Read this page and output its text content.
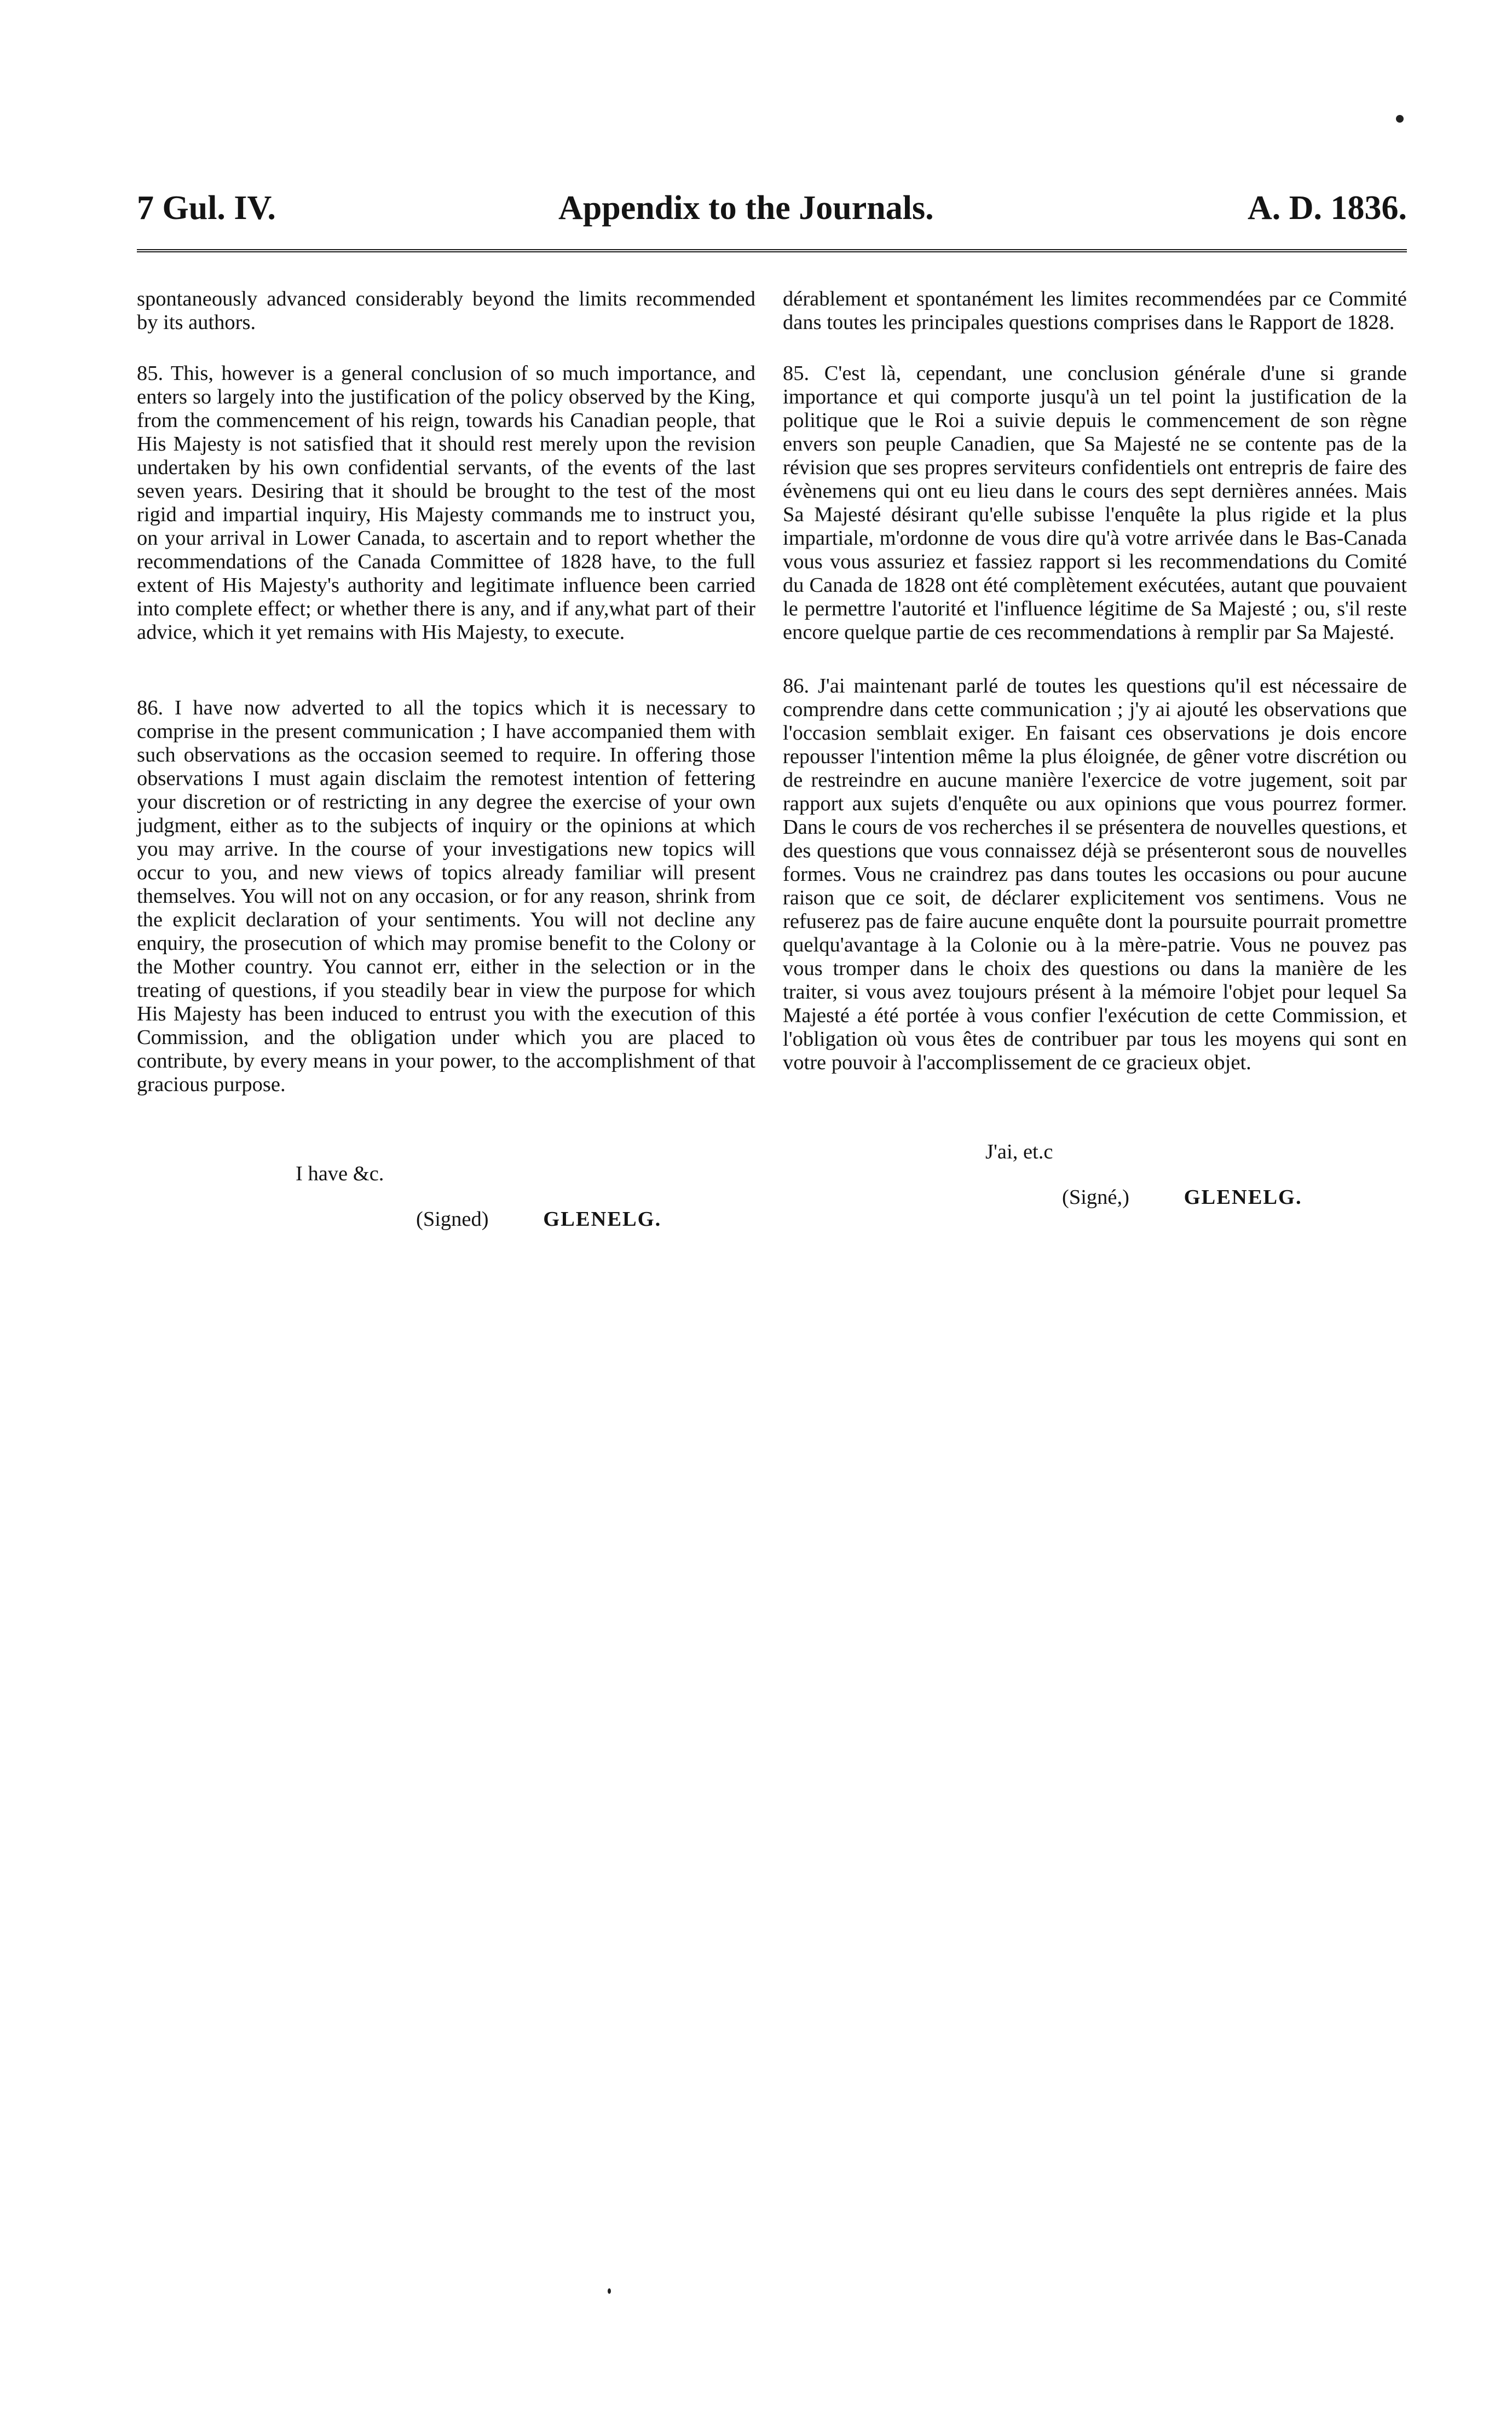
7 Gul. IV.	Appendix to the Journals.	A. D. 1836.

spontaneously advanced considerably beyond the limits recommended by its authors.

85. This, however is a general conclusion of so much importance, and enters so largely into the justification of the policy observed by the King, from the commencement of his reign, towards his Canadian people, that His Majesty is not satisfied that it should rest merely upon the revision undertaken by his own confidential servants, of the events of the last seven years. Desiring that it should be brought to the test of the most rigid and impartial inquiry, His Majesty commands me to instruct you, on your arrival in Lower Canada, to ascertain and to report whether the recommendations of the Canada Committee of 1828 have, to the full extent of His Majesty's authority and legitimate influence been carried into complete effect; or whether there is any, and if any,what part of their advice, which it yet remains with His Majesty, to execute.

86. I have now adverted to all the topics which it is necessary to comprise in the present communication ; I have accompanied them with such observations as the occasion seemed to require. In offering those observations I must again disclaim the remotest intention of fettering your discretion or of restricting in any degree the exercise of your own judgment, either as to the subjects of inquiry or the opinions at which you may arrive. In the course of your investigations new topics will occur to you, and new views of topics already familiar will present themselves. You will not on any occasion, or for any reason, shrink from the explicit declaration of your sentiments. You will not decline any enquiry, the prosecution of which may promise benefit to the Colony or the Mother country. You cannot err, either in the selection or in the treating of questions, if you steadily bear in view the purpose for which His Majesty has been induced to entrust you with the execution of this Commission, and the obligation under which you are placed to contribute, by every means in your power, to the accomplishment of that gracious purpose.

I have &c.

(Signed)	GLENELG.

dérablement et spontanément les limites recommendées par ce Commité dans toutes les principales questions comprises dans le Rapport de 1828.

85. C'est là, cependant, une conclusion générale d'une si grande importance et qui comporte jusqu'à un tel point la justification de la politique que le Roi a suivie depuis le commencement de son règne envers son peuple Canadien, que Sa Majesté ne se contente pas de la révision que ses propres serviteurs confidentiels ont entrepris de faire des évènemens qui ont eu lieu dans le cours des sept dernières années. Mais Sa Majesté désirant qu'elle subisse l'enquête la plus rigide et la plus impartiale, m'ordonne de vous dire qu'à votre arrivée dans le Bas-Canada vous vous assuriez et fassiez rapport si les recommendations du Comité du Canada de 1828 ont été complètement exécutées, autant que pouvaient le permettre l'autorité et l'influence légitime de Sa Majesté ; ou, s'il reste encore quelque partie de ces recommendations à remplir par Sa Majesté.

86. J'ai maintenant parlé de toutes les questions qu'il est nécessaire de comprendre dans cette communication ; j'y ai ajouté les observations que l'occasion semblait exiger. En faisant ces observations je dois encore repousser l'intention même la plus éloignée, de gêner votre discrétion ou de restreindre en aucune manière l'exercice de votre jugement, soit par rapport aux sujets d'enquête ou aux opinions que vous pourrez former. Dans le cours de vos recherches il se présentera de nouvelles questions, et des questions que vous connaissez déjà se présenteront sous de nouvelles formes. Vous ne craindrez pas dans toutes les occasions ou pour aucune raison que ce soit, de déclarer explicitement vos sentimens. Vous ne refuserez pas de faire aucune enquête dont la poursuite pourrait promettre quelqu'avantage à la Colonie ou à la mère-patrie. Vous ne pouvez pas vous tromper dans le choix des questions ou dans la manière de les traiter, si vous avez toujours présent à la mémoire l'objet pour lequel Sa Majesté a été portée à vous confier l'exécution de cette Commission, et l'obligation où vous êtes de contribuer par tous les moyens qui sont en votre pouvoir à l'accomplissement de ce gracieux objet.

J'ai, et.c

(Signé,)	GLENELG.
